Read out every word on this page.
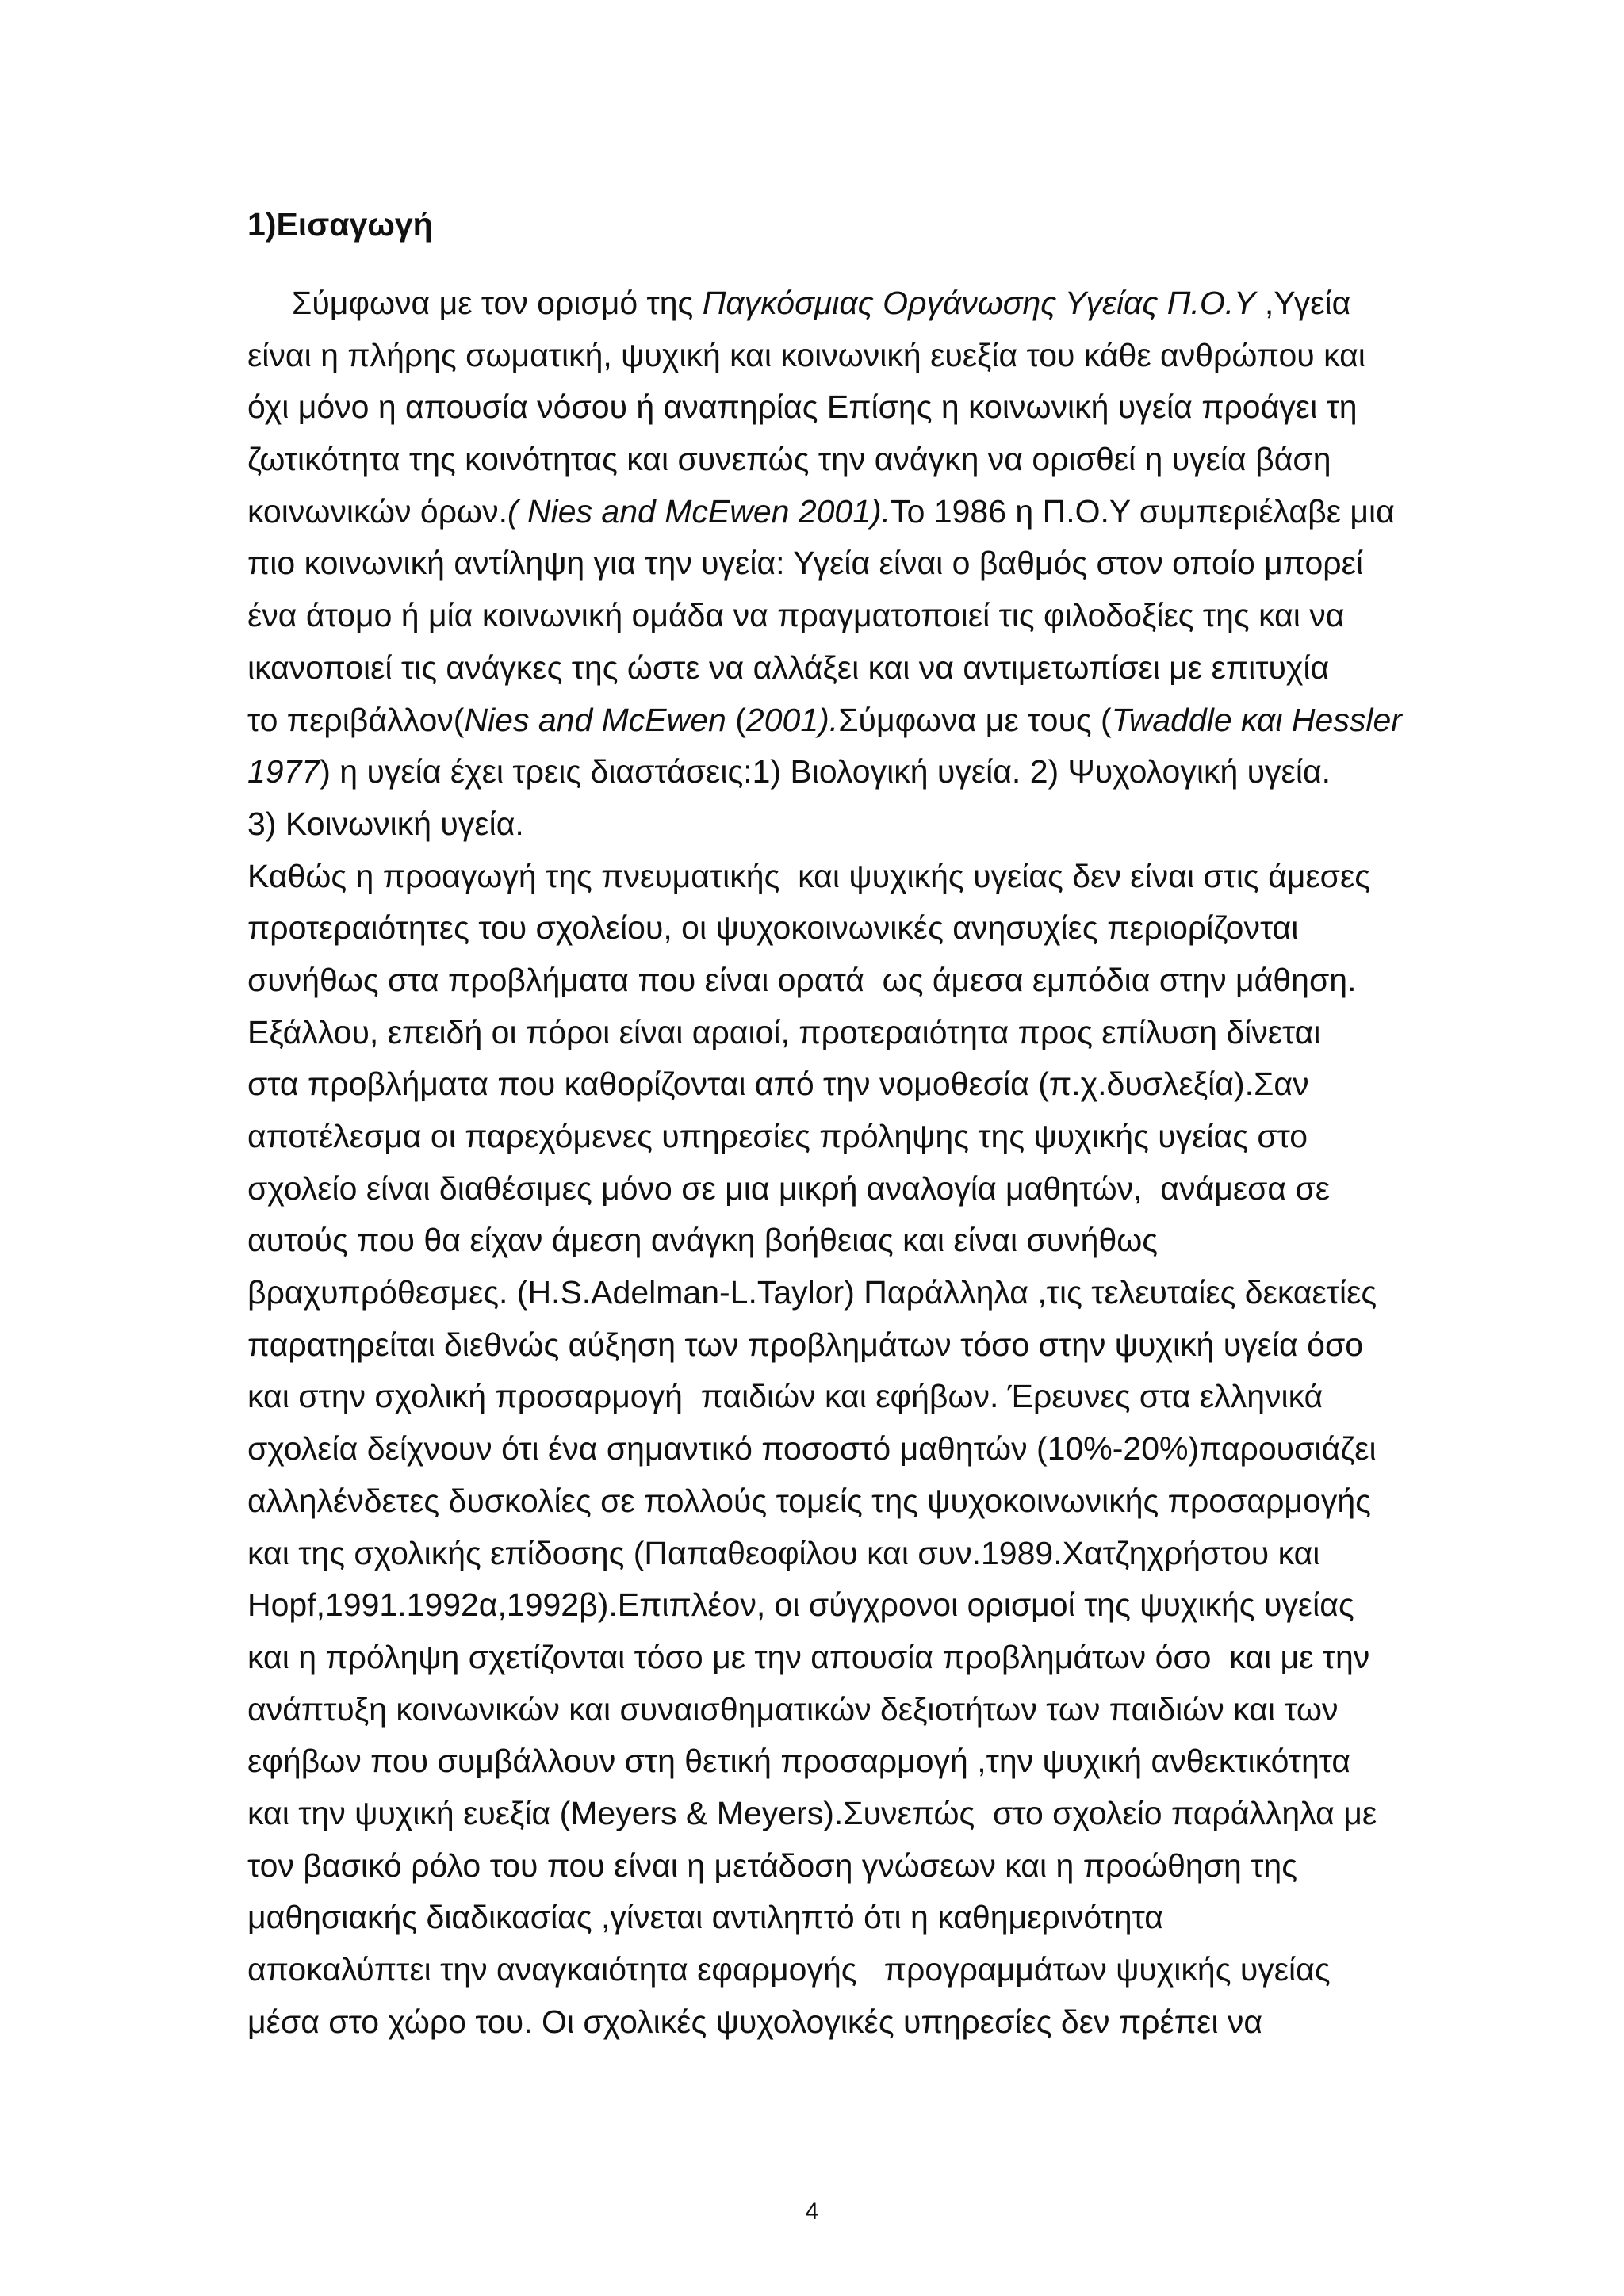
1)Εισαγωγή
Σύμφωνα με τον ορισμό της Παγκόσμιας Οργάνωσης Υγείας Π.Ο.Υ ,Υγεία
είναι η πλήρης σωματική, ψυχική και κοινωνική ευεξία του κάθε ανθρώπου και
όχι μόνο η απουσία νόσου ή αναπηρίας Επίσης η κοινωνική υγεία προάγει τη
ζωτικότητα της κοινότητας και συνεπώς την ανάγκη να ορισθεί η υγεία βάση
κοινωνικών όρων.( Nies and McEwen 2001).Το 1986 η Π.Ο.Υ συμπεριέλαβε μια
πιο κοινωνική αντίληψη για την υγεία: Υγεία είναι ο βαθμός στον οποίο μπορεί
ένα άτομο ή μία κοινωνική ομάδα να πραγματοποιεί τις φιλοδοξίες της και να
ικανοποιεί τις ανάγκες της ώστε να αλλάξει και να αντιμετωπίσει με επιτυχία
το περιβάλλον(Nies and McEwen (2001).Σύμφωνα με τους (Twaddle και Hessler
1977) η υγεία έχει τρεις διαστάσεις:1) Βιολογική υγεία. 2) Ψυχολογική υγεία.
3) Κοινωνική υγεία.
Καθώς η προαγωγή της πνευματικής  και ψυχικής υγείας δεν είναι στις άμεσες
προτεραιότητες του σχολείου, οι ψυχοκοινωνικές ανησυχίες περιορίζονται
συνήθως στα προβλήματα που είναι ορατά  ως άμεσα εμπόδια στην μάθηση.
Εξάλλου, επειδή οι πόροι είναι αραιοί, προτεραιότητα προς επίλυση δίνεται
στα προβλήματα που καθορίζονται από την νομοθεσία (π.χ.δυσλεξία).Σαν
αποτέλεσμα οι παρεχόμενες υπηρεσίες πρόληψης της ψυχικής υγείας στο
σχολείο είναι διαθέσιμες μόνο σε μια μικρή αναλογία μαθητών,  ανάμεσα σε
αυτούς που θα είχαν άμεση ανάγκη βοήθειας και είναι συνήθως
βραχυπρόθεσμες. (H.S.Adelman-L.Taylor) Παράλληλα ,τις τελευταίες δεκαετίες
παρατηρείται διεθνώς αύξηση των προβλημάτων τόσο στην ψυχική υγεία όσο
και στην σχολική προσαρμογή  παιδιών και εφήβων. Έρευνες στα ελληνικά
σχολεία δείχνουν ότι ένα σημαντικό ποσοστό μαθητών (10%-20%)παρουσιάζει
αλληλένδετες δυσκολίες σε πολλούς τομείς της ψυχοκοινωνικής προσαρμογής
και της σχολικής επίδοσης (Παπαθεοφίλου και συν.1989.Χατζηχρήστου και
Hopf,1991.1992α,1992β).Επιπλέον, οι σύγχρονοι ορισμοί της ψυχικής υγείας
και η πρόληψη σχετίζονται τόσο με την απουσία προβλημάτων όσο  και με την
ανάπτυξη κοινωνικών και συναισθηματικών δεξιοτήτων των παιδιών και των
εφήβων που συμβάλλουν στη θετική προσαρμογή ,την ψυχική ανθεκτικότητα
και την ψυχική ευεξία (Meyers & Meyers).Συνεπώς  στο σχολείο παράλληλα με
τον βασικό ρόλο του που είναι η μετάδοση γνώσεων και η προώθηση της
μαθησιακής διαδικασίας ,γίνεται αντιληπτό ότι η καθημερινότητα
αποκαλύπτει την αναγκαιότητα εφαρμογής   προγραμμάτων ψυχικής υγείας
μέσα στο χώρο του. Οι σχολικές ψυχολογικές υπηρεσίες δεν πρέπει να
4
